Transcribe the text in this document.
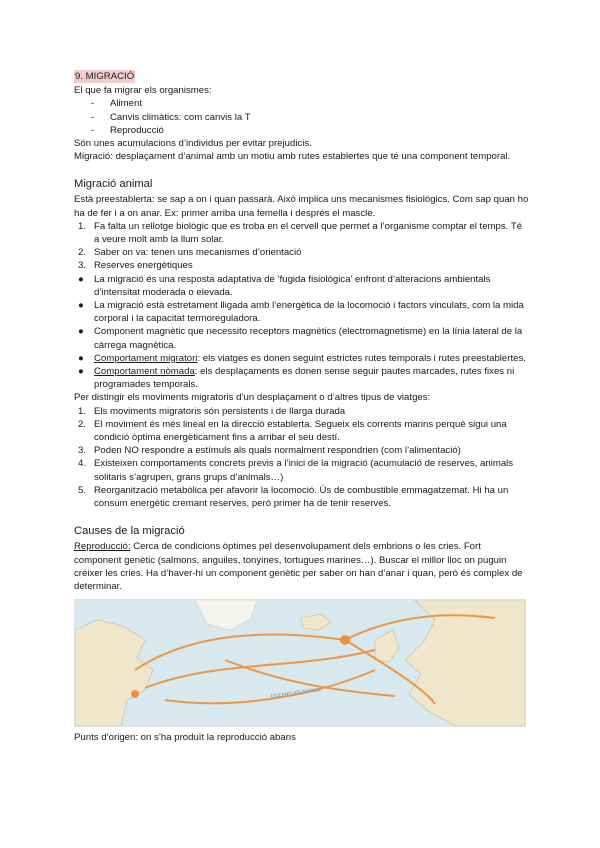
9. MIGRACIÓ

El que fa migrar els organismes:

- Aliment
- Canvis climàtics: com canvis la T
- Reproducció

Són unes acumulacions d’individus per evitar prejudicis.

Migració: desplaçament d’animal amb un motiu amb rutes establertes que té una component temporal.

Migració animal

Està preestablerta: se sap a on i quan passarà. Això implica uns mecanismes fisiològics. Com sap quan ho ha de fer i a on anar. Ex: primer arriba una femella i després el mascle.

1. Fa falta un rellotge biològic que es troba en el cervell que permet a l’organisme comptar el temps. Té a veure molt amb la llum solar.
2. Saber on va: tenen uns mecanismes d’orientació
3. Reserves energètiques
●	La migració és una resposta adaptativa de ‘fugida fisiològica’ enfront d’alteracions ambientals d’intensitat moderada o elevada.
●	La migració està estretament lligada amb l’energètica de la locomoció i factors vinculats, com la mida corporal i la capacitat termoreguladora.
●	Component magnètic que necessito receptors magnètics (electromagnetisme) en la línia lateral de la càrrega magnètica.
●	Comportament migratori: els viatges es donen seguint estrictes rutes temporals i rutes preestablertes.
●	Comportament nòmada: els desplaçaments es donen sense seguir pautes marcades, rutes fixes ni programades temporals.

Per distingir els moviments migratoris d’un desplaçament o d’altres tipus de viatges:

1. Els moviments migratoris són persistents i de llarga durada
2. El moviment és més lineal en la direcció establerta. Segueix els corrents marins perquè sigui una condició òptima energèticament fins a arribar el seu destí.
3. Poden NO respondre a estímuls als quals normalment respondrien (com l’alimentació)
4. Existeixen comportaments concrets previs a l’inici de la migració (acumulació de reserves, animals solitaris s’agrupen, grans grups d’animals…)
5. Reorganització metabòlica per afavorir la locomoció. Ús de combustible emmagatzemat. Hi ha un consum energètic cremant reserves, però primer ha de tenir reserves.
Causes de la migració

Reproducció: Cerca de condicions òptimes pel desenvolupament dels embrions o les cries. Fort component genètic (salmons, anguiles, tonyines, tortugues marines…). Buscar el millor lloc on puguin créixer les cries. Ha d’haver-hi un component genètic per saber on han d’anar i quan, però és complex de determinar.

OCEANO ATLÁNTICO

Punts d’origen: on s’ha produït la reproducció abans
